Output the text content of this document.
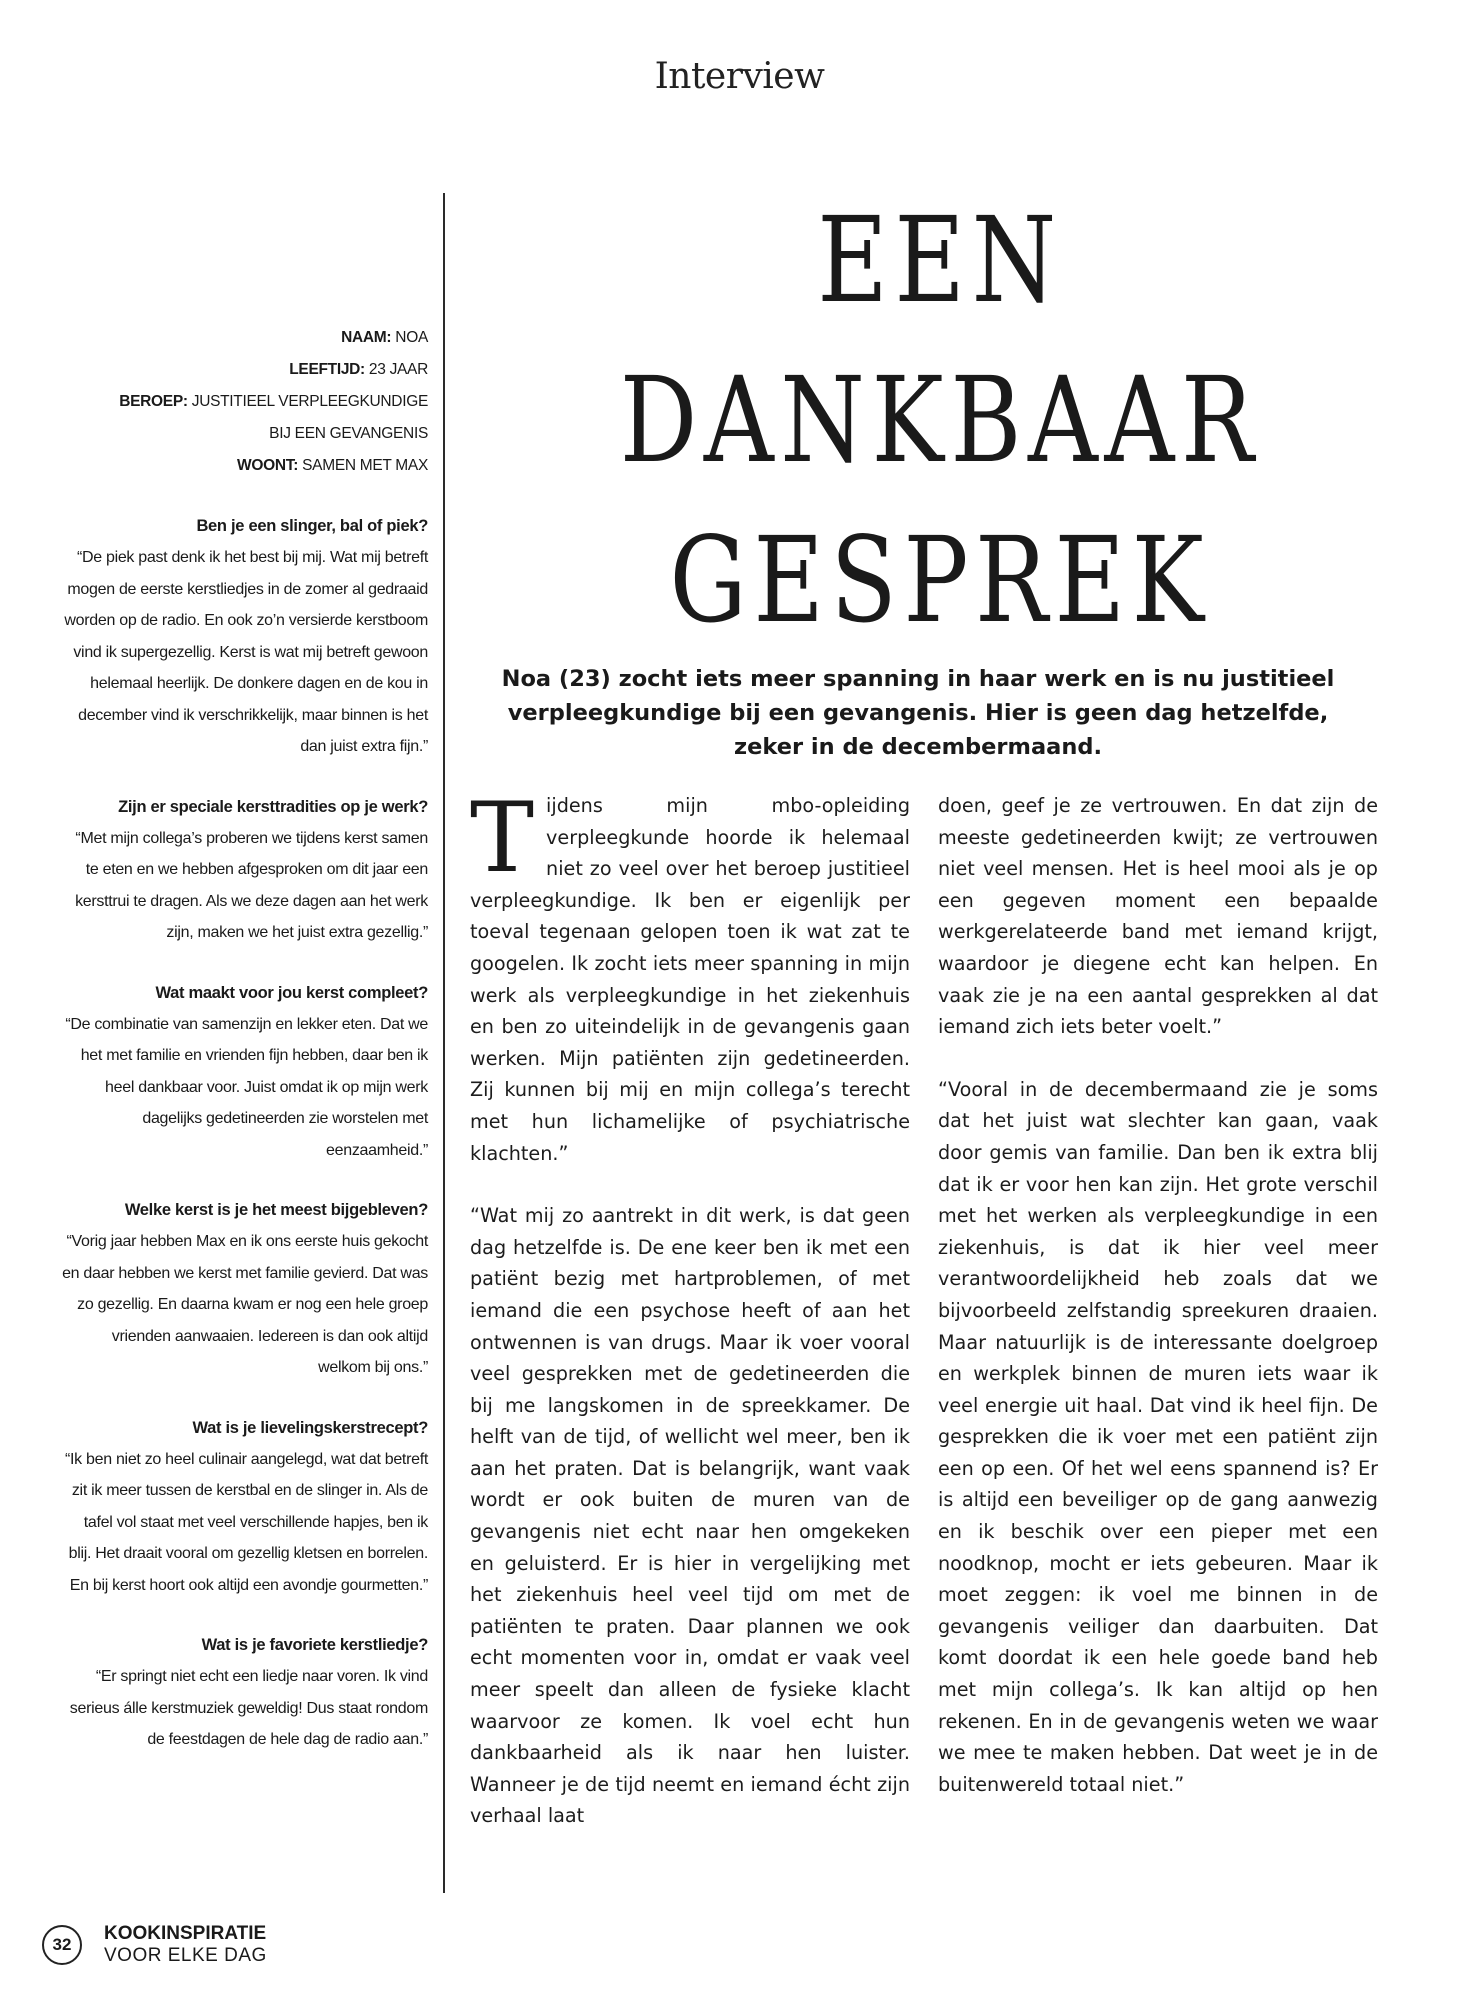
Interview
NAAM: NOA
LEEFTIJD: 23 JAAR
BEROEP: JUSTITIEEL VERPLEEGKUNDIGE
BIJ EEN GEVANGENIS
WOONT: SAMEN MET MAX
Ben je een slinger, bal of piek?
“De piek past denk ik het best bij mij. Wat mij betreft mogen de eerste kerstliedjes in de zomer al gedraaid worden op de radio. En ook zo’n versierde kerstboom vind ik supergezellig. Kerst is wat mij betreft gewoon helemaal heerlijk. De donkere dagen en de kou in december vind ik verschrikkelijk, maar binnen is het dan juist extra fijn.”
Zijn er speciale kersttradities op je werk?
“Met mijn collega’s proberen we tijdens kerst samen te eten en we hebben afgesproken om dit jaar een kersttrui te dragen. Als we deze dagen aan het werk zijn, maken we het juist extra gezellig.”
Wat maakt voor jou kerst compleet?
“De combinatie van samenzijn en lekker eten. Dat we het met familie en vrienden fijn hebben, daar ben ik heel dankbaar voor. Juist omdat ik op mijn werk dagelijks gedetineerden zie worstelen met eenzaamheid.”
Welke kerst is je het meest bijgebleven?
“Vorig jaar hebben Max en ik ons eerste huis gekocht en daar hebben we kerst met familie gevierd. Dat was zo gezellig. En daarna kwam er nog een hele groep vrienden aanwaaien. Iedereen is dan ook altijd welkom bij ons.”
Wat is je lievelingskerstrecept?
“Ik ben niet zo heel culinair aangelegd, wat dat betreft zit ik meer tussen de kerstbal en de slinger in. Als de tafel vol staat met veel verschillende hapjes, ben ik blij. Het draait vooral om gezellig kletsen en borrelen. En bij kerst hoort ook altijd een avondje gourmetten.”
Wat is je favoriete kerstliedje?
“Er springt niet echt een liedje naar voren. Ik vind serieus álle kerstmuziek geweldig! Dus staat rondom de feestdagen de hele dag de radio aan.”
EEN
DANKBAAR
GESPREK
Noa (23) zocht iets meer spanning in haar werk en is nu justitieel verpleegkundige bij een gevangenis. Hier is geen dag hetzelfde, zeker in de decembermaand.

Tijdens mijn mbo-opleiding verpleegkunde hoorde ik helemaal niet zo veel over het beroep justitieel verpleegkundige. Ik ben er eigenlijk per toeval tegenaan gelopen toen ik wat zat te googelen. Ik zocht iets meer spanning in mijn werk als verpleegkundige in het ziekenhuis en ben zo uiteindelijk in de gevangenis gaan werken. Mijn patiënten zijn gedetineerden. Zij kunnen bij mij en mijn collega’s terecht met hun lichamelijke of psychiatrische klachten.”

“Wat mij zo aantrekt in dit werk, is dat geen dag hetzelfde is. De ene keer ben ik met een patiënt bezig met hartproblemen, of met iemand die een psychose heeft of aan het ontwennen is van drugs. Maar ik voer vooral veel gesprekken met de gedetineerden die bij me langskomen in de spreekkamer. De helft van de tijd, of wellicht wel meer, ben ik aan het praten. Dat is belangrijk, want vaak wordt er ook buiten de muren van de gevangenis niet echt naar hen omgekeken en geluisterd. Er is hier in vergelijking met het ziekenhuis heel veel tijd om met de patiënten te praten. Daar plannen we ook echt momenten voor in, omdat er vaak veel meer speelt dan alleen de fysieke klacht waarvoor ze komen. Ik voel echt hun dankbaarheid als ik naar hen luister. Wanneer je de tijd neemt en iemand écht zijn verhaal laat

doen, geef je ze vertrouwen. En dat zijn de meeste gedetineerden kwijt; ze vertrouwen niet veel mensen. Het is heel mooi als je op een gegeven moment een bepaalde werkgerelateerde band met iemand krijgt, waardoor je diegene echt kan helpen. En vaak zie je na een aantal gesprekken al dat iemand zich iets beter voelt.”

“Vooral in de decembermaand zie je soms dat het juist wat slechter kan gaan, vaak door gemis van familie. Dan ben ik extra blij dat ik er voor hen kan zijn. Het grote verschil met het werken als verpleegkundige in een ziekenhuis, is dat ik hier veel meer verantwoordelijkheid heb zoals dat we bijvoorbeeld zelfstandig spreekuren draaien. Maar natuurlijk is de interessante doelgroep en werkplek binnen de muren iets waar ik veel energie uit haal. Dat vind ik heel fijn. De gesprekken die ik voer met een patiënt zijn een op een. Of het wel eens spannend is? Er is altijd een beveiliger op de gang aanwezig en ik beschik over een pieper met een noodknop, mocht er iets gebeuren. Maar ik moet zeggen: ik voel me binnen in de gevangenis veiliger dan daarbuiten. Dat komt doordat ik een hele goede band heb met mijn collega’s. Ik kan altijd op hen rekenen. En in de gevangenis weten we waar we mee te maken hebben. Dat weet je in de buitenwereld totaal niet.”

32
KOOKINSPIRATIE
VOOR ELKE DAG
